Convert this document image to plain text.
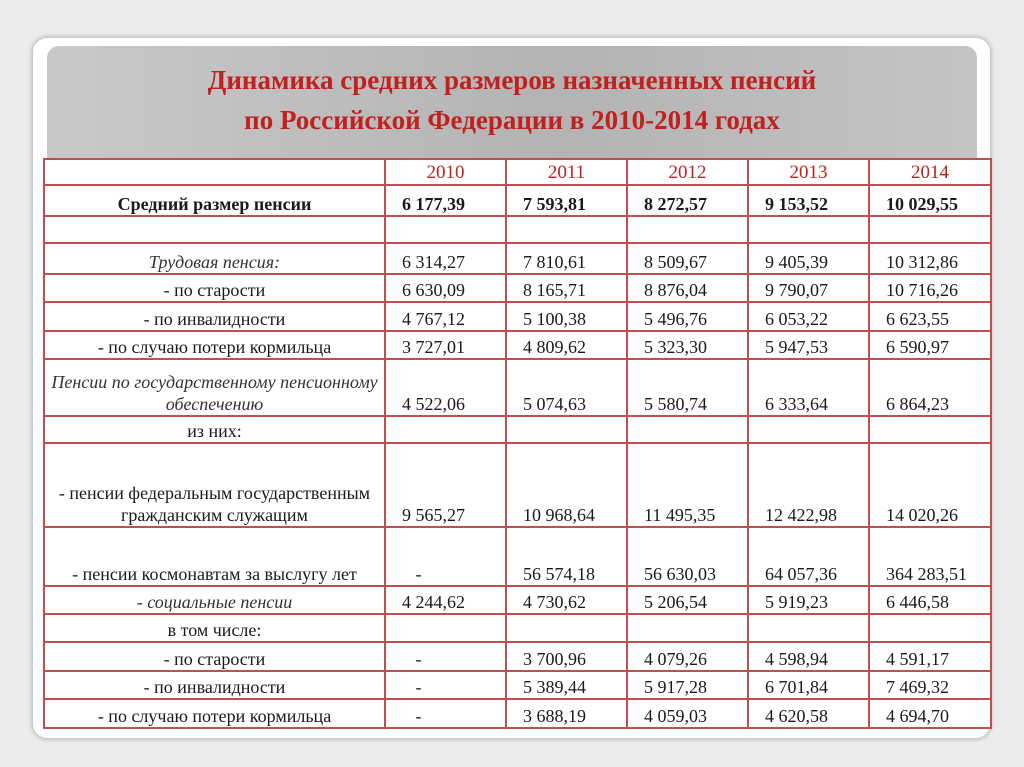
Динамика средних размеров назначенных пенсий
по Российской Федерации в 2010-2014 годах
	2010	2011	2012	2013	2014
Средний размер пенсии	6 177,39	7 593,81	8 272,57	9 153,52	10 029,55

Трудовая пенсия:	6 314,27	7 810,61	8 509,67	9 405,39	10 312,86
- по старости	6 630,09	8 165,71	8 876,04	9 790,07	10 716,26
- по инвалидности	4 767,12	5 100,38	5 496,76	6 053,22	6 623,55
- по случаю потери кормильца	3 727,01	4 809,62	5 323,30	5 947,53	6 590,97
Пенсии по государственному пенсионному обеспечению	4 522,06	5 074,63	5 580,74	6 333,64	6 864,23
из них:					
- пенсии федеральным государственным гражданским служащим	9 565,27	10 968,64	11 495,35	12 422,98	14 020,26
- пенсии космонавтам за выслугу лет	-	56 574,18	56 630,03	64 057,36	364 283,51
- социальные пенсии	4 244,62	4 730,62	5 206,54	5 919,23	6 446,58
в том числе:					
- по старости	-	3 700,96	4 079,26	4 598,94	4 591,17
- по инвалидности	-	5 389,44	5 917,28	6 701,84	7 469,32
- по случаю потери кормильца	-	3 688,19	4 059,03	4 620,58	4 694,70
